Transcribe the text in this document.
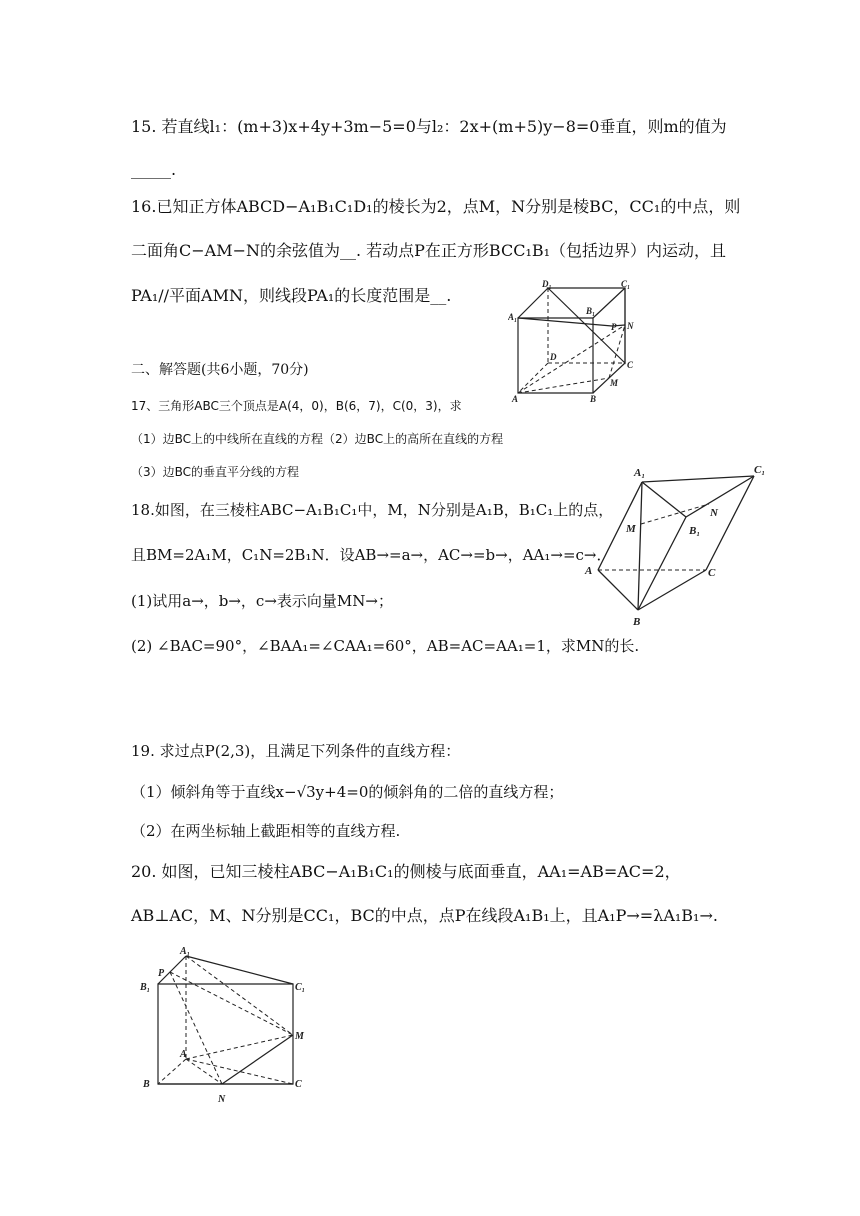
15. 若直线l₁：(m+3)x+4y+3m−5=0与l₂：2x+(m+5)y−8=0垂直，则m的值为
_____.
16.已知正方体ABCD−A₁B₁C₁D₁的棱长为2，点M，N分别是棱BC，CC₁的中点，则
二面角C−AM−N的余弦值为__. 若动点P在正方形BCC₁B₁（包括边界）内运动，且
PA₁//平面AMN，则线段PA₁的长度范围是__.
D₁	C₁
A₁
B₁
P N
D
C
M
A	B
二、解答题(共6小题，70分)
17、三角形ABC三个顶点是A(4，0)，B(6，7)，C(0，3)，求
（1）边BC上的中线所在直线的方程（2）边BC上的高所在直线的方程
（3）边BC的垂直平分线的方程
18.如图，在三棱柱ABC−A₁B₁C₁中，M，N分别是A₁B，B₁C₁上的点，
且BM=2A₁M，C₁N=2B₁N．设AB→=a→，AC→=b→，AA₁→=c→．
(1)试用a→，b→，c→表示向量MN→；
(2) ∠BAC=90°，∠BAA₁=∠CAA₁=60°，AB=AC=AA₁=1，求MN的长.
A₁	C₁
M
N
B₁
A	C
B
19. 求过点P(2,3)，且满足下列条件的直线方程：
（1）倾斜角等于直线x−√3y+4=0的倾斜角的二倍的直线方程；
（2）在两坐标轴上截距相等的直线方程.
20. 如图，已知三棱柱ABC−A₁B₁C₁的侧棱与底面垂直，AA₁=AB=AC=2，
AB⊥AC，M、N分别是CC₁，BC的中点，点P在线段A₁B₁上，且A₁P→=λA₁B₁→.
A₁
P
B₁	C₁
M
A
B	C
N
